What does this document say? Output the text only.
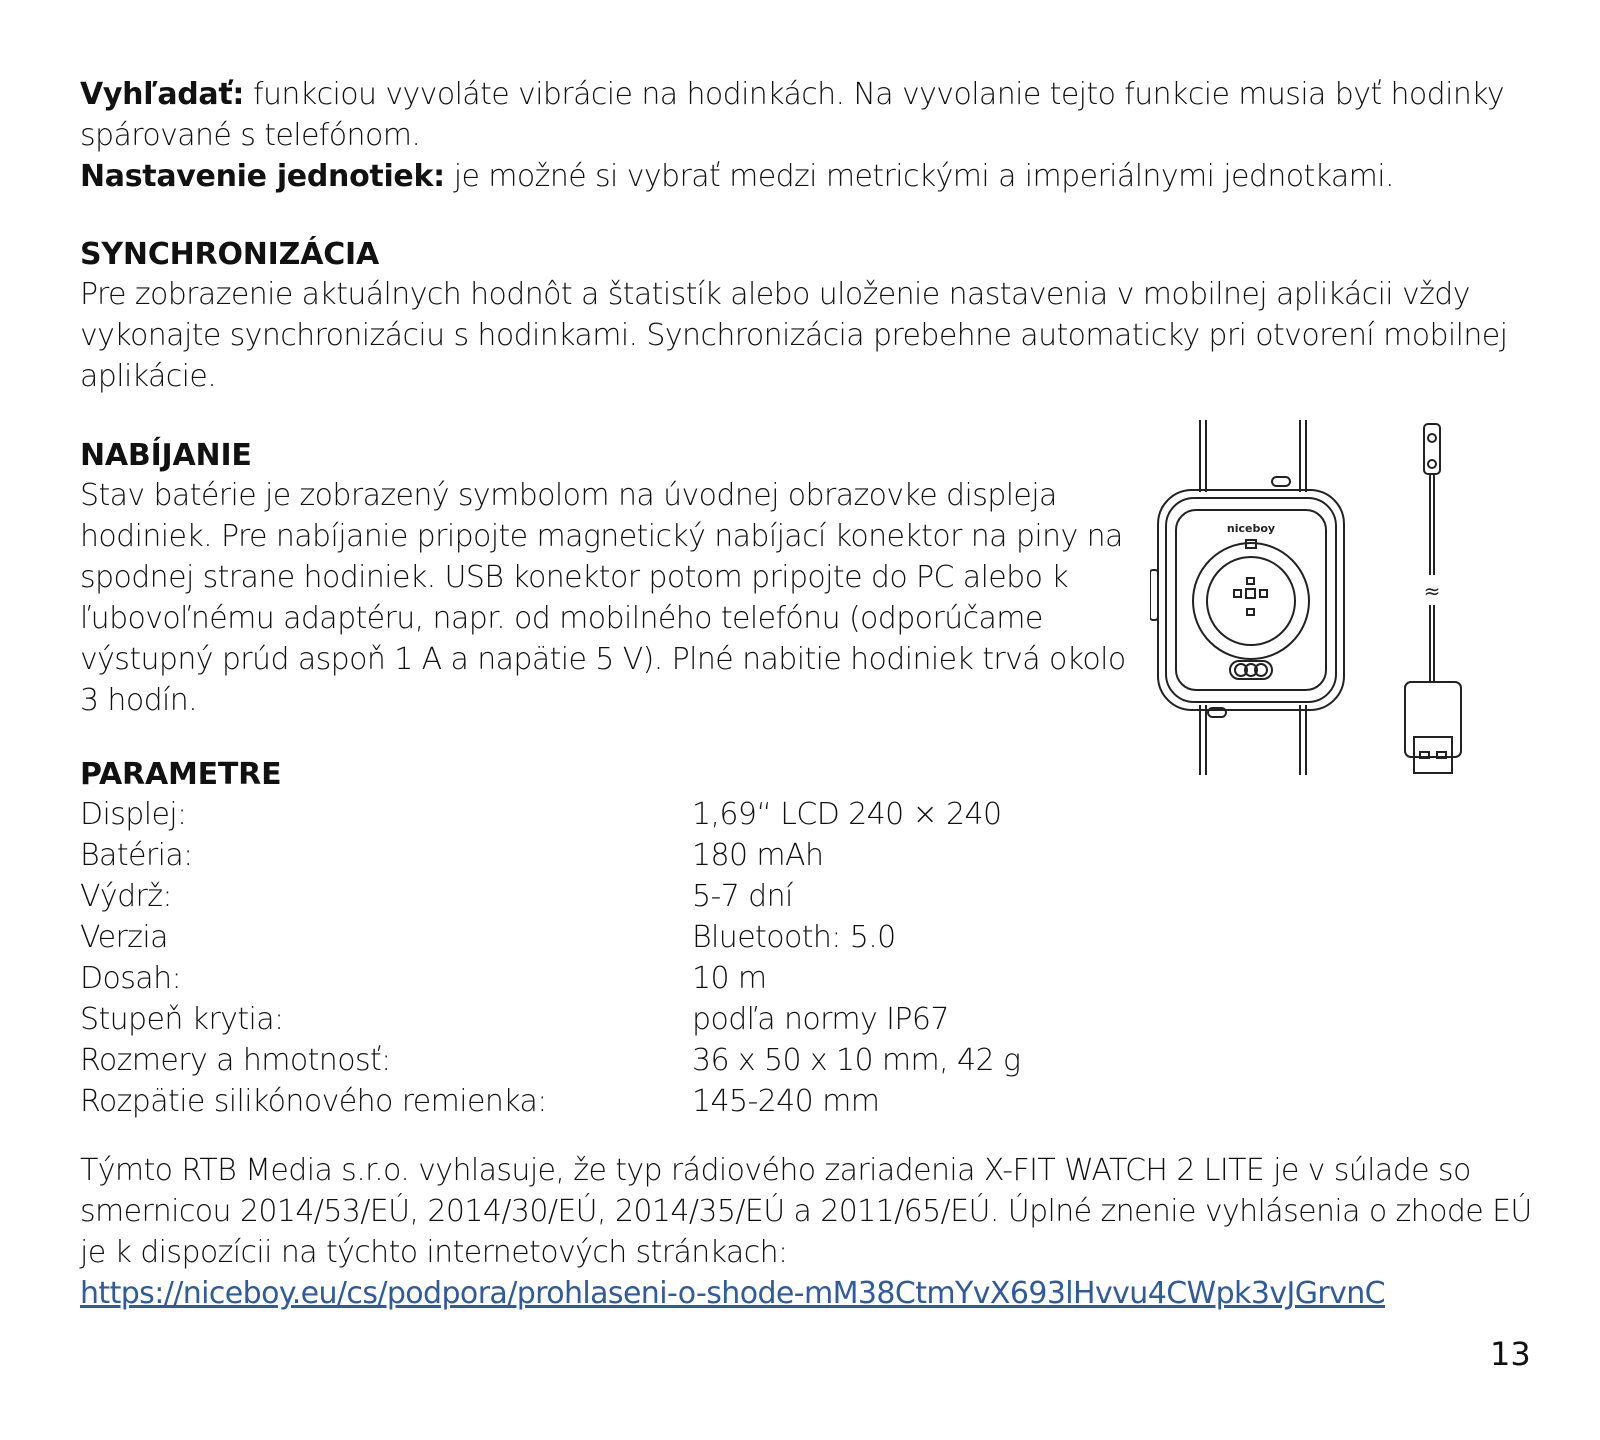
Vyhľadať: funkciou vyvoláte vibrácie na hodinkách. Na vyvolanie tejto funkcie musia byť hodinky spárované s telefónom.
Nastavenie jednotiek: je možné si vybrať medzi metrickými a imperiálnymi jednotkami.

SYNCHRONIZÁCIA

Pre zobrazenie aktuálnych hodnôt a štatistík alebo uloženie nastavenia v mobilnej aplikácii vždy vykonajte synchronizáciu s hodinkami. Synchronizácia prebehne automaticky pri otvorení mobilnej aplikácie.

NABÍJANIE

Stav batérie je zobrazený symbolom na úvodnej obrazovke displeja hodiniek. Pre nabíjanie pripojte magnetický nabíjací konektor na piny na spodnej strane hodiniek. USB konektor potom pripojte do PC alebo k ľubovoľnému adaptéru, napr. od mobilného telefónu (odporúčame výstupný prúd aspoň 1 A a napätie 5 V). Plné nabitie hodiniek trvá okolo 3 hodín.

PARAMETRE
Displej:	1,69“ LCD 240 × 240
Batéria:	180 mAh
Výdrž:	5-7 dní
Verzia	Bluetooth: 5.0
Dosah:	10 m
Stupeň krytia:	podľa normy IP67
Rozmery a hmotnosť:	36 x 50 x 10 mm, 42 g
Rozpätie silikónového remienka:	145-240 mm

Týmto RTB Media s.r.o. vyhlasuje, že typ rádiového zariadenia X-FIT WATCH 2 LITE je v súlade so smernicou 2014/53/EÚ, 2014/30/EÚ, 2014/35/EÚ a 2011/65/EÚ. Úplné znenie vyhlásenia o zhode EÚ je k dispozícii na týchto internetových stránkach:

https://niceboy.eu/cs/podpora/prohlaseni-o-shode-mM38CtmYvX693lHvvu4CWpk3vJGrvnC
niceboy
≈
13
